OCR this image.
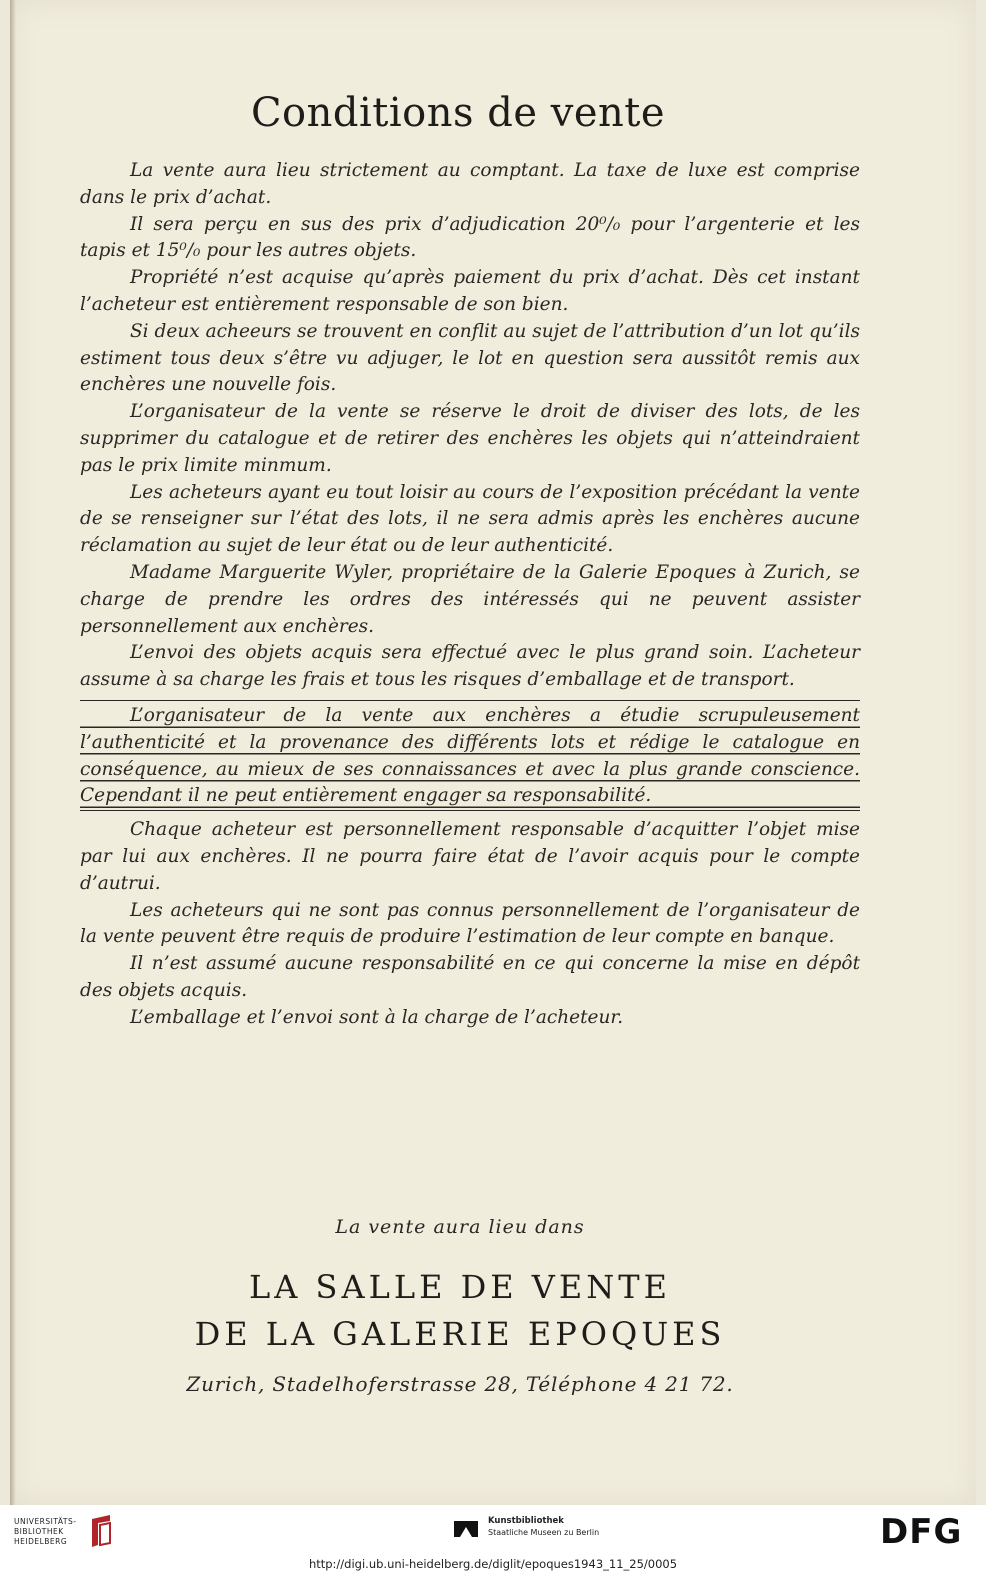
Conditions de vente

La vente aura lieu strictement au comptant. La taxe de luxe est comprise dans le prix d’achat.

Il sera perçu en sus des prix d’adjudication 20⁰/₀ pour l’argenterie et les tapis et 15⁰/₀ pour les autres objets.

Propriété n’est acquise qu’après paiement du prix d’achat. Dès cet instant l’acheteur est entièrement responsable de son bien.

Si deux acheeurs se trouvent en conflit au sujet de l’attribution d’un lot qu’ils estiment tous deux s’être vu adjuger, le lot en question sera aussitôt remis aux enchères une nouvelle fois.

L’organisateur de la vente se réserve le droit de diviser des lots, de les supprimer du catalogue et de retirer des enchères les objets qui n’atteindraient pas le prix limite minmum.

Les acheteurs ayant eu tout loisir au cours de l’exposition précédant la vente de se renseigner sur l’état des lots, il ne sera admis après les enchères aucune réclamation au sujet de leur état ou de leur authenticité.

Madame Marguerite Wyler, propriétaire de la Galerie Epoques à Zurich, se charge de prendre les ordres des intéressés qui ne peuvent assister personnellement aux enchères.

L’envoi des objets acquis sera effectué avec le plus grand soin. L’acheteur assume à sa charge les frais et tous les risques d’emballage et de transport.

L’organisateur de la vente aux enchères a étudie scrupuleusement l’authenticité et la provenance des différents lots et rédige le catalogue en conséquence, au mieux de ses connaissances et avec la plus grande conscience. Cependant il ne peut entièrement engager sa responsabilité.

Chaque acheteur est personnellement responsable d’acquitter l’objet mise par lui aux enchères. Il ne pourra faire état de l’avoir acquis pour le compte d’autrui.

Les acheteurs qui ne sont pas connus personnellement de l’organisateur de la vente peuvent être requis de produire l’estimation de leur compte en banque.

Il n’est assumé aucune responsabilité en ce qui concerne la mise en dépôt des objets acquis.

L’emballage et l’envoi sont à la charge de l’acheteur.

La vente aura lieu dans
LA SALLE DE VENTE
DE LA GALERIE EPOQUES
Zurich, Stadelhoferstrasse 28, Téléphone 4 21 72.
UNIVERSITÄTS-
BIBLIOTHEK
HEIDELBERG
Kunstbibliothek
Staatliche Museen zu Berlin	DFG
http://digi.ub.uni-heidelberg.de/diglit/epoques1943_11_25/0005
